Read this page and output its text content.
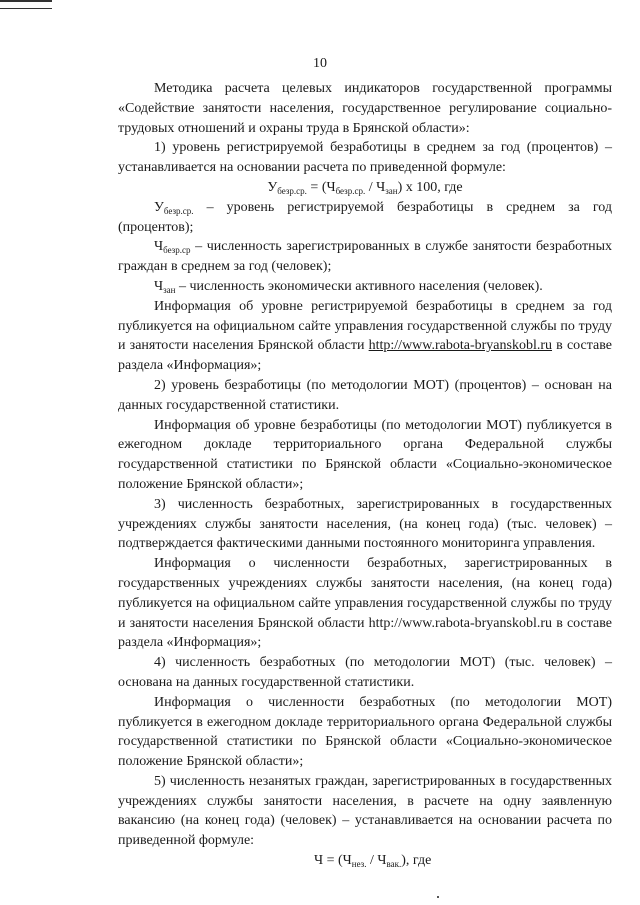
10

Методика расчета целевых индикаторов государственной программы «Содействие занятости населения, государственное регулирование социально-трудовых отношений и охраны труда в Брянской области»:

1) уровень регистрируемой безработицы в среднем за год (процентов) – устанавливается на основании расчета по приведенной формуле:

$У_{безр.ср.} = (Ч_{безр.ср.} / Ч_{зан})$ х 100, где

$У_{безр.ср.}$ – уровень регистрируемой безработицы в среднем за год (процентов);

$Ч_{безр.ср}$ – численность зарегистрированных в службе занятости безработных граждан в среднем за год (человек);

$Ч_{зан}$ – численность экономически активного населения (человек).

Информация об уровне регистрируемой безработицы в среднем за год публикуется на официальном сайте управления государственной службы по труду и занятости населения Брянской области http://www.rabota-bryanskobl.ru в составе раздела «Информация»;

2) уровень безработицы (по методологии МОТ) (процентов) – основан на данных государственной статистики.

Информация об уровне безработицы (по методологии МОТ) публикуется в ежегодном докладе территориального органа Федеральной службы государственной статистики по Брянской области «Социально-экономическое положение Брянской области»;

3) численность безработных, зарегистрированных в государственных учреждениях службы занятости населения, (на конец года) (тыс. человек) – подтверждается фактическими данными постоянного мониторинга управления.

Информация о численности безработных, зарегистрированных в государственных учреждениях службы занятости населения, (на конец года) публикуется на официальном сайте управления государственной службы по труду и занятости населения Брянской области http://www.rabota-bryanskobl.ru в составе раздела «Информация»;

4) численность безработных (по методологии МОТ) (тыс. человек) – основана на данных государственной статистики.

Информация о численности безработных (по методологии МОТ) публикуется в ежегодном докладе территориального органа Федеральной службы государственной статистики по Брянской области «Социально-экономическое положение Брянской области»;

5) численность незанятых граждан, зарегистрированных в государственных учреждениях службы занятости населения, в расчете на одну заявленную вакансию (на конец года) (человек) – устанавливается на основании расчета по приведенной формуле:

$Ч = (Ч_{нез.} / Ч_{вак.})$, где
